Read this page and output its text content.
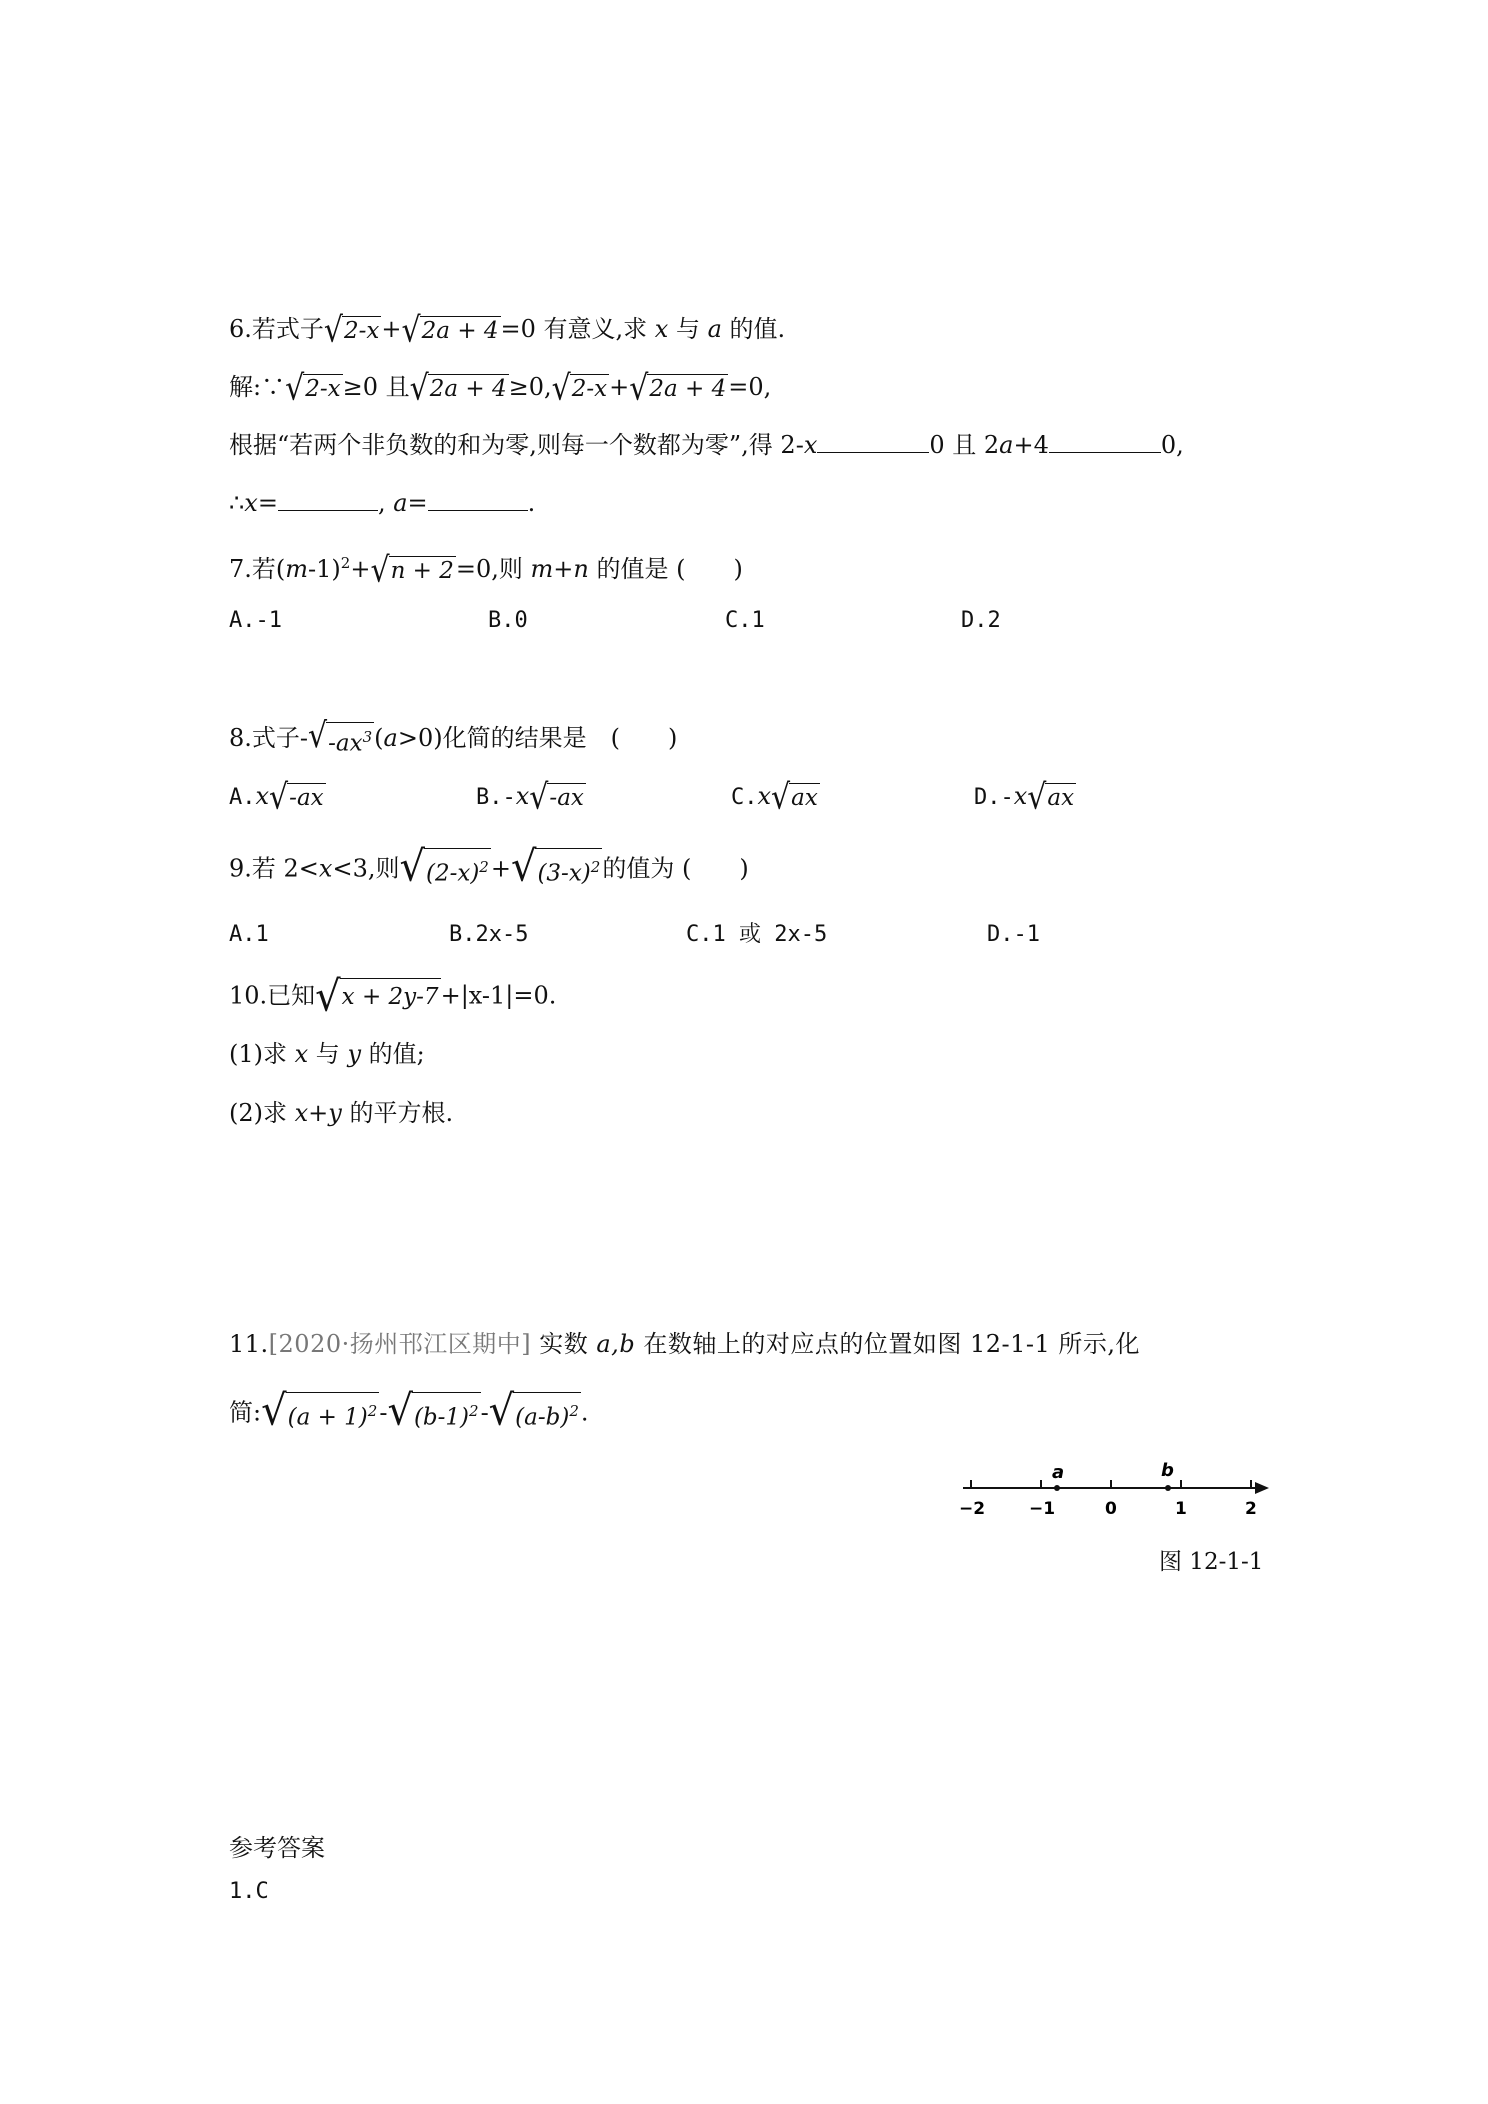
6.若式子 √ 2-x + √ 2a + 4 =0 有意义,求 x 与 a 的值.
解:∵ √ 2-x ≥0 且 √ 2a + 4 ≥0, √ 2-x + √ 2a + 4 =0,
根据“若两个非负数的和为零,则每一个数都为零”,得 2-x	0 且 2a+4	0,
∴x=	, a=	.
7.若$(m-1)^2+$ √ n + 2 =0,则 m+n 的值是 (　　)
A.-1	B.0	C.1	D.2
8.式子- √ $-ax^3$ (a>0)化简的结果是　(　　)
A.x √ -ax	B.-x √ -ax	C.x √ ax	D.-x √ ax
9.若 2<x<3,则 √ $(2-x)^2$ + √ $(3-x)^2$ 的值为 (　　)
A.1	B.2x-5	C.1 或 2x-5	D.-1
10.已知 √ x + 2y-7 +|x-1|=0.
(1)求 x 与 y 的值;
(2)求 x+y 的平方根.
11.[2020·扬州邗江区期中] 实数 a,b 在数轴上的对应点的位置如图 12-1-1 所示,化
简: √ $(a + 1)^2$ - √ $(b-1)^2$ - √ $(a-b)^2$ .
a	b
−2	−1	0	1	2
图 12-1-1
参考答案
1.C
